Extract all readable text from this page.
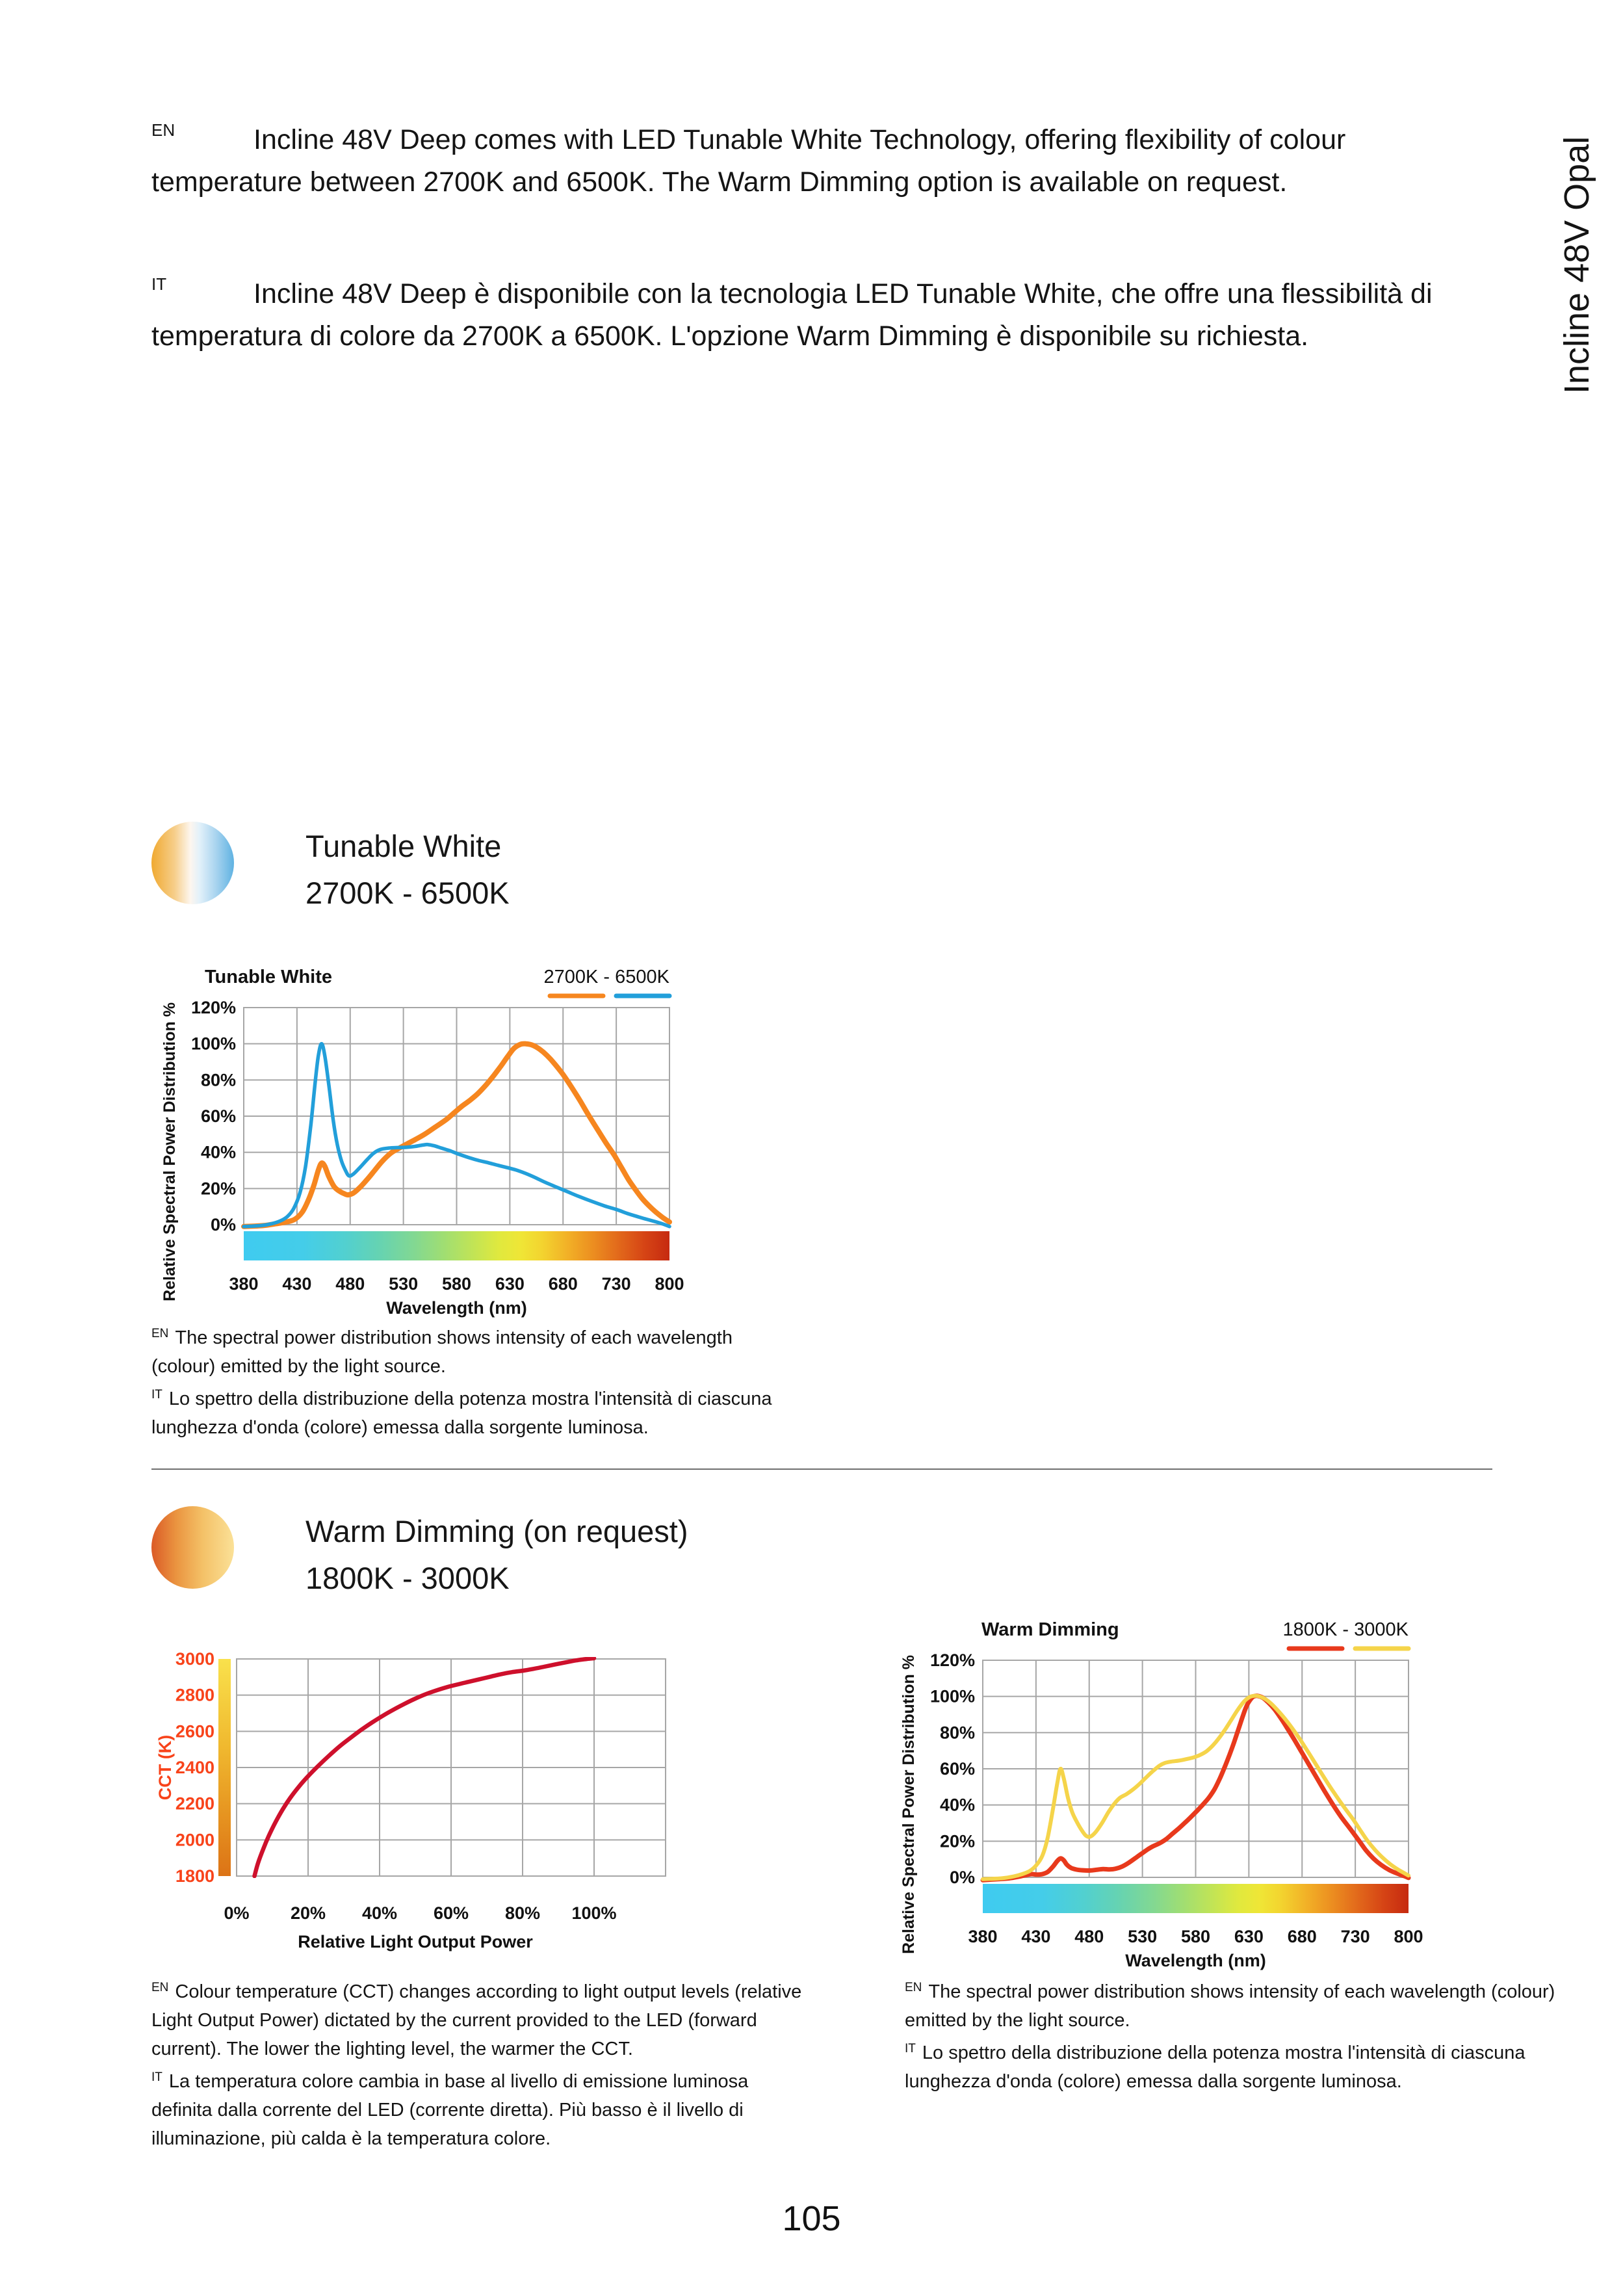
$^{EN}$	Incline 48V Deep comes with LED Tunable White Technology, offering flexibility of colour temperature between 2700K and 6500K. The Warm Dimming option is available on request.

$^{IT}$	Incline 48V Deep è disponibile con la tecnologia LED Tunable White, che offre una flessibilità di temperatura di colore da 2700K a 6500K. L'opzione Warm Dimming è disponibile su richiesta.	Incline 48V Opal
Tunable White
2700K - 6500K
120%
100%
80%
60%
40%
20%
0%
380 430 480 530 580 630 680 730 800
Wavelength (nm)
Relative Spectral Power Distribution %
Tunable White	2700K - 6500K

$^{EN}$ The spectral power distribution shows intensity of each wavelength (colour) emitted by the light source.
$^{IT}$ Lo spettro della distribuzione della potenza mostra l'intensità di ciascuna lunghezza d'onda (colore) emessa dalla sorgente luminosa.

Warm Dimming (on request)
1800K - 3000K
3000
2800
2600
2400
2200
2000
1800
0% 20% 40% 60% 80% 100%
Relative Light Output Power
CCT (K)
120%
100%
80%
60%
40%
20%
0%
380 430 480 530 580 630 680 730 800
Wavelength (nm)
Relative Spectral Power Distribution %
Warm Dimming	1800K - 3000K

$^{EN}$ Colour temperature (CCT) changes according to light output levels (relative Light Output Power) dictated by the current provided to the LED (forward current). The lower the lighting level, the warmer the CCT.
$^{IT}$ La temperatura colore cambia in base al livello di emissione luminosa definita dalla corrente del LED (corrente diretta). Più basso è il livello di illuminazione, più calda è la temperatura colore.

$^{EN}$ The spectral power distribution shows intensity of each wavelength (colour) emitted by the light source.
$^{IT}$ Lo spettro della distribuzione della potenza mostra l'intensità di ciascuna lunghezza d'onda (colore) emessa dalla sorgente luminosa.

105
